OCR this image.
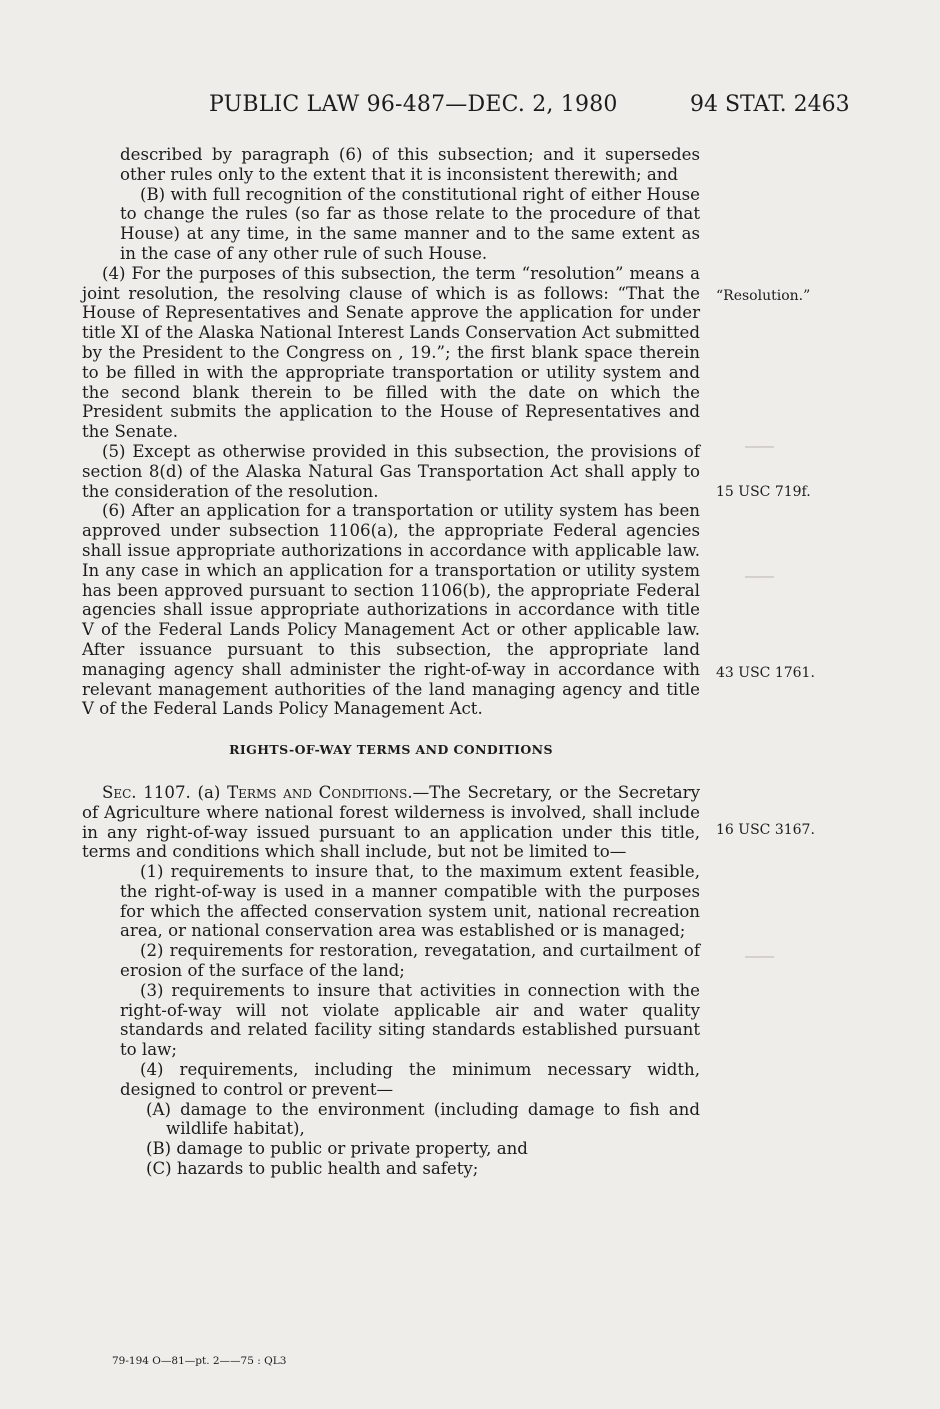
────
────
────
PUBLIC LAW 96-487—DEC. 2, 1980	94 STAT. 2463

described by paragraph (6) of this subsection; and it supersedes other rules only to the extent that it is inconsistent therewith; and

(B) with full recognition of the constitutional right of either House to change the rules (so far as those relate to the procedure of that House) at any time, in the same manner and to the same extent as in the case of any other rule of such House.

(4) For the purposes of this subsection, the term “resolution” means a joint resolution, the resolving clause of which is as follows: “That the House of Representatives and Senate approve the application for under title XI of the Alaska National Interest Lands Conservation Act submitted by the President to the Congress on , 19.”; the first blank space therein to be filled in with the appropriate transportation or utility system and the second blank therein to be filled with the date on which the President submits the application to the House of Representatives and the Senate.

(5) Except as otherwise provided in this subsection, the provisions of section 8(d) of the Alaska Natural Gas Transportation Act shall apply to the consideration of the resolution.

(6) After an application for a transportation or utility system has been approved under subsection 1106(a), the appropriate Federal agencies shall issue appropriate authorizations in accordance with applicable law. In any case in which an application for a transportation or utility system has been approved pursuant to section 1106(b), the appropriate Federal agencies shall issue appropriate authorizations in accordance with title V of the Federal Lands Policy Management Act or other applicable law. After issuance pursuant to this subsection, the appropriate land managing agency shall administer the right-of-way in accordance with relevant management authorities of the land managing agency and title V of the Federal Lands Policy Management Act.

RIGHTS-OF-WAY TERMS AND CONDITIONS

Sec. 1107. (a) Terms and Conditions.—The Secretary, or the Secretary of Agriculture where national forest wilderness is involved, shall include in any right-of-way issued pursuant to an application under this title, terms and conditions which shall include, but not be limited to—

(1) requirements to insure that, to the maximum extent feasible, the right-of-way is used in a manner compatible with the purposes for which the affected conservation system unit, national recreation area, or national conservation area was established or is managed;

(2) requirements for restoration, revegatation, and curtailment of erosion of the surface of the land;

(3) requirements to insure that activities in connection with the right-of-way will not violate applicable air and water quality standards and related facility siting standards established pursuant to law;

(4) requirements, including the minimum necessary width, designed to control or prevent—

(A) damage to the environment (including damage to fish and wildlife habitat),

(B) damage to public or private property, and

(C) hazards to public health and safety;

“Resolution.”
15 USC 719f.
43 USC 1761.
16 USC 3167.
79-194 O—81—pt. 2——75 : QL3
